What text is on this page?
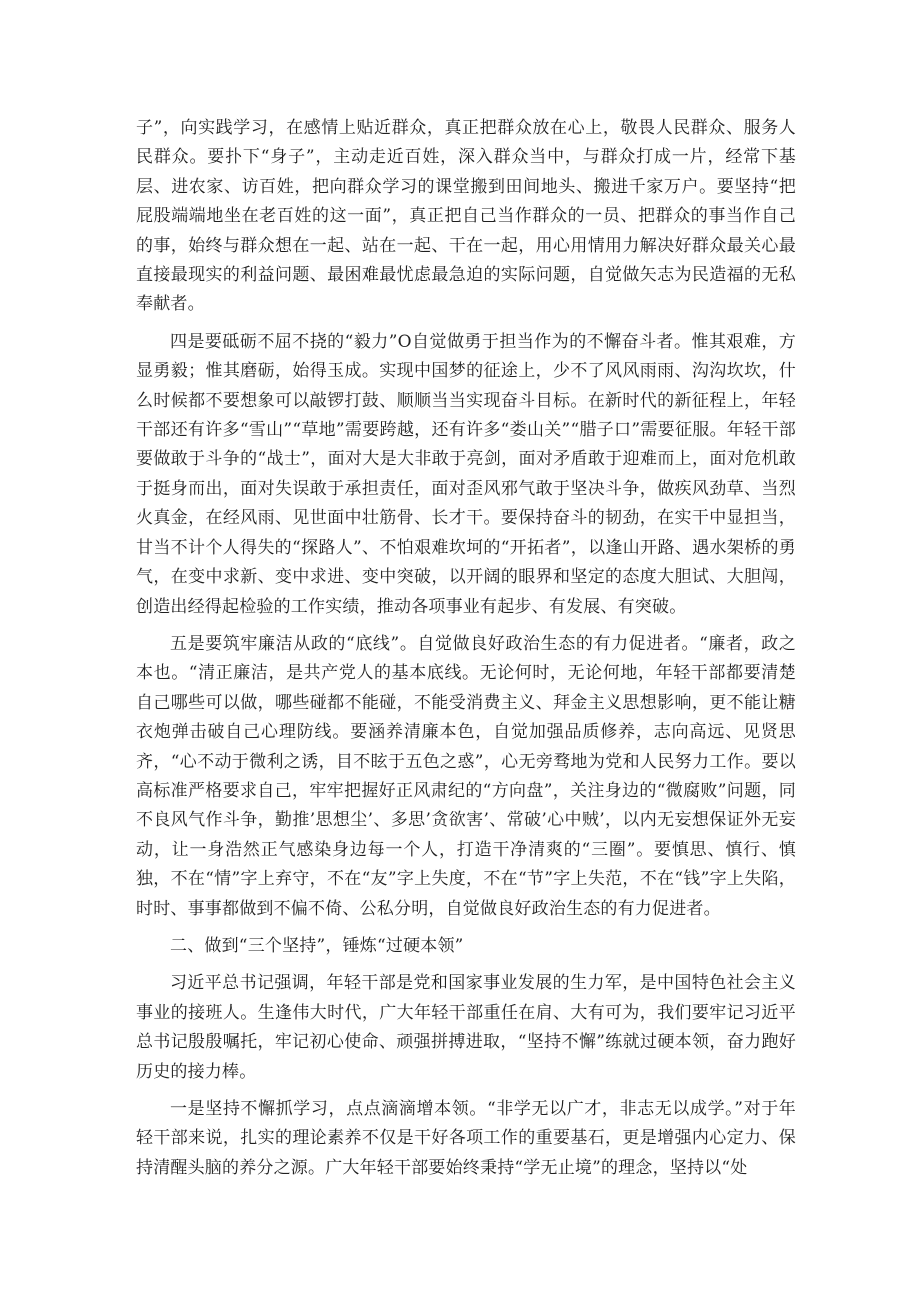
子”，向实践学习，在感情上贴近群众，真正把群众放在心上，敬畏人民群众、服务人民群众。要扑下“身子”，主动走近百姓，深入群众当中，与群众打成一片，经常下基层、进农家、访百姓，把向群众学习的课堂搬到田间地头、搬进千家万户。要坚持“把屁股端端地坐在老百姓的这一面”，真正把自己当作群众的一员、把群众的事当作自己的事，始终与群众想在一起、站在一起、干在一起，用心用情用力解决好群众最关心最直接最现实的利益问题、最困难最忧虑最急迫的实际问题，自觉做矢志为民造福的无私奉献者。

四是要砥砺不屈不挠的“毅力”O自觉做勇于担当作为的不懈奋斗者。惟其艰难，方显勇毅；惟其磨砺，始得玉成。实现中国梦的征途上，少不了风风雨雨、沟沟坎坎，什么时候都不要想象可以敲锣打鼓、顺顺当当实现奋斗目标。在新时代的新征程上，年轻干部还有许多“雪山”“草地”需要跨越，还有许多“娄山关”“腊子口”需要征服。年轻干部要做敢于斗争的“战士”，面对大是大非敢于亮剑，面对矛盾敢于迎难而上，面对危机敢于挺身而出，面对失误敢于承担责任，面对歪风邪气敢于坚决斗争，做疾风劲草、当烈火真金，在经风雨、见世面中壮筋骨、长才干。要保持奋斗的韧劲，在实干中显担当，甘当不计个人得失的“探路人”、不怕艰难坎坷的“开拓者”，以逢山开路、遇水架桥的勇气，在变中求新、变中求进、变中突破，以开阔的眼界和坚定的态度大胆试、大胆闯，创造出经得起检验的工作实绩，推动各项事业有起步、有发展、有突破。

五是要筑牢廉洁从政的“底线”。自觉做良好政治生态的有力促进者。“廉者，政之本也。“清正廉洁，是共产党人的基本底线。无论何时，无论何地，年轻干部都要清楚自己哪些可以做，哪些碰都不能碰，不能受消费主义、拜金主义思想影响，更不能让糖衣炮弹击破自己心理防线。要涵养清廉本色，自觉加强品质修养，志向高远、见贤思齐，“心不动于微利之诱，目不眩于五色之惑”，心无旁骛地为党和人民努力工作。要以高标准严格要求自己，牢牢把握好正风肃纪的“方向盘”，关注身边的“微腐败”问题，同不良风气作斗争，勤推’思想尘’、多思’贪欲害’、常破’心中贼’，以内无妄想保证外无妄动，让一身浩然正气感染身边每一个人，打造干净清爽的“三圈”。要慎思、慎行、慎独，不在“情”字上弃守，不在“友”字上失度，不在“节”字上失范，不在“钱”字上失陷，时时、事事都做到不偏不倚、公私分明，自觉做良好政治生态的有力促进者。

二、做到“三个坚持”，锤炼“过硬本领”

习近平总书记强调，年轻干部是党和国家事业发展的生力军，是中国特色社会主义事业的接班人。生逢伟大时代，广大年轻干部重任在肩、大有可为，我们要牢记习近平总书记殷殷嘱托，牢记初心使命、顽强拼搏进取，“坚持不懈”练就过硬本领，奋力跑好历史的接力棒。

一是坚持不懈抓学习，点点滴滴增本领。“非学无以广才，非志无以成学。”对于年轻干部来说，扎实的理论素养不仅是干好各项工作的重要基石，更是增强内心定力、保持清醒头脑的养分之源。广大年轻干部要始终秉持“学无止境”的理念，坚持以“处
